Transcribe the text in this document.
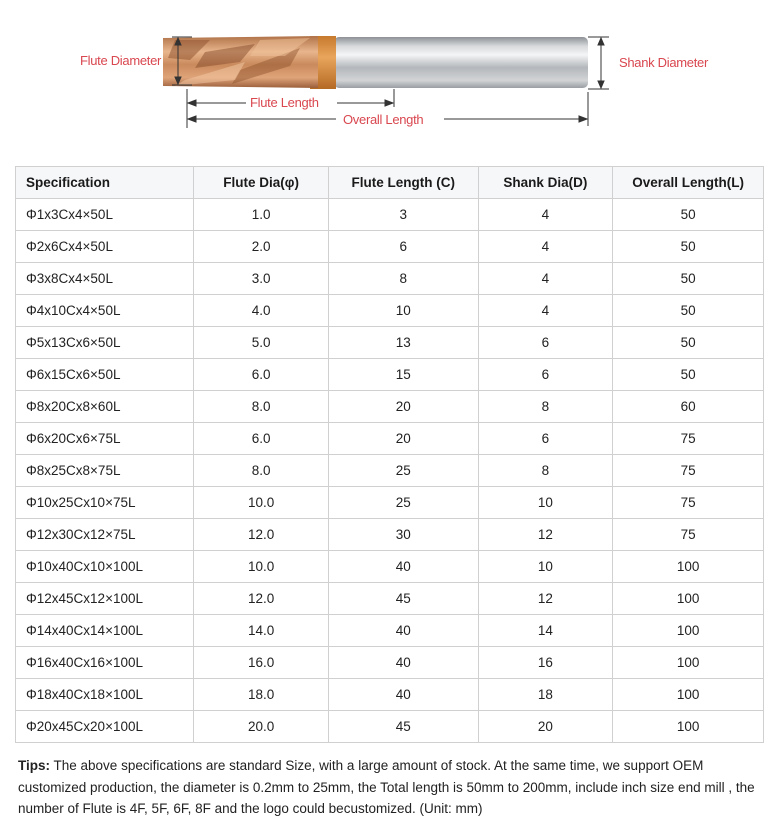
Flute Diameter	Shank Diameter
Flute Length
Overall Length
Specification	Flute Dia(φ)	Flute Length (C)	Shank Dia(D)	Overall Length(L)
Φ1x3Cx4×50L	1.0	3	4	50
Φ2x6Cx4×50L	2.0	6	4	50
Φ3x8Cx4×50L	3.0	8	4	50
Φ4x10Cx4×50L	4.0	10	4	50
Φ5x13Cx6×50L	5.0	13	6	50
Φ6x15Cx6×50L	6.0	15	6	50
Φ8x20Cx8×60L	8.0	20	8	60
Φ6x20Cx6×75L	6.0	20	6	75
Φ8x25Cx8×75L	8.0	25	8	75
Φ10x25Cx10×75L	10.0	25	10	75
Φ12x30Cx12×75L	12.0	30	12	75
Φ10x40Cx10×100L	10.0	40	10	100
Φ12x45Cx12×100L	12.0	45	12	100
Φ14x40Cx14×100L	14.0	40	14	100
Φ16x40Cx16×100L	16.0	40	16	100
Φ18x40Cx18×100L	18.0	40	18	100
Φ20x45Cx20×100L	20.0	45	20	100
Tips: The above specifications are standard Size, with a large amount of stock. At the same time, we support OEM customized production, the diameter is 0.2mm to 25mm, the Total length is 50mm to 200mm, include inch size end mill , the number of Flute is 4F, 5F, 6F, 8F and the logo could becustomized. (Unit: mm)
